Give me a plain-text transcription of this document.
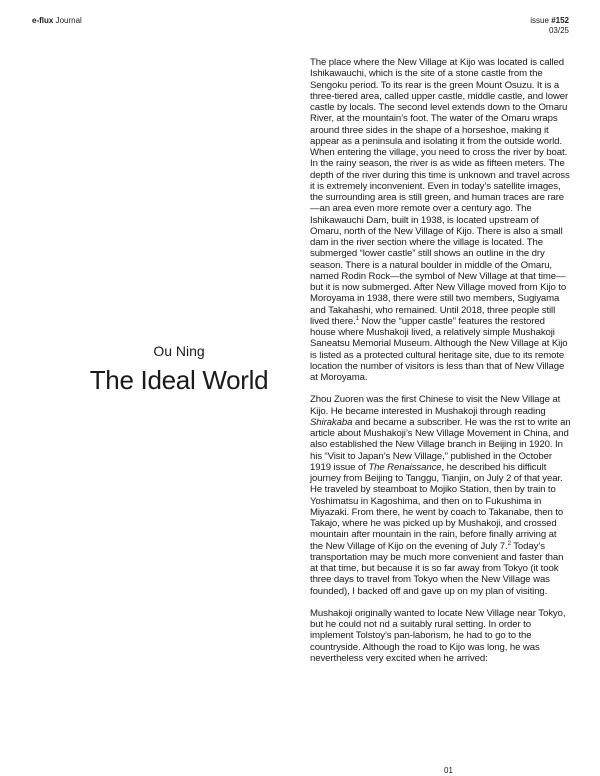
e-flux Journal	issue #152
03/25
Ou Ning
The Ideal World

The place where the New Village at Kijo was located is called Ishikawauchi, which is the site of a stone castle from the Sengoku period. To its rear is the green Mount Osuzu. It is a three-tiered area, called upper castle, middle castle, and lower castle by locals. The second level extends down to the Omaru River, at the mountain’s foot. The water of the Omaru wraps around three sides in the shape of a horseshoe, making it appear as a peninsula and isolating it from the outside world. When entering the village, you need to cross the river by boat. In the rainy season, the river is as wide as fifteen meters. The depth of the river during this time is unknown and travel across it is extremely inconvenient. Even in today’s satellite images, the surrounding area is still green, and human traces are rare—an area even more remote over a century ago. The Ishikawauchi Dam, built in 1938, is located upstream of Omaru, north of the New Village of Kijo. There is also a small dam in the river section where the village is located. The submerged “lower castle” still shows an outline in the dry season. There is a natural boulder in middle of the Omaru, named Rodin Rock—the symbol of New Village at that time—but it is now submerged. After New Village moved from Kijo to Moroyama in 1938, there were still two members, Sugiyama and Takahashi, who remained. Until 2018, three people still lived there.$^1$ Now the “upper castle” features the restored house where Mushakoji lived, a relatively simple Mushakoji Saneatsu Memorial Museum. Although the New Village at Kijo is listed as a protected cultural heritage site, due to its remote location the number of visitors is less than that of New Village at Moroyama.

Zhou Zuoren was the first Chinese to visit the New Village at Kijo. He became interested in Mushakoji through reading Shirakaba and became a subscriber. He was the rst to write an article about Mushakoji’s New Village Movement in China, and also established the New Village branch in Beijing in 1920. In his “Visit to Japan’s New Village,” published in the October 1919 issue of The Renaissance, he described his difficult journey from Beijing to Tanggu, Tianjin, on July 2 of that year. He traveled by steamboat to Mojiko Station, then by train to Yoshimatsu in Kagoshima, and then on to Fukushima in Miyazaki. From there, he went by coach to Takanabe, then to Takajo, where he was picked up by Mushakoji, and crossed mountain after mountain in the rain, before finally arriving at the New Village of Kijo on the evening of July 7.$^2$ Today’s transportation may be much more convenient and faster than at that time, but because it is so far away from Tokyo (it took three days to travel from Tokyo when the New Village was founded), I backed off and gave up on my plan of visiting.

Mushakoji originally wanted to locate New Village near Tokyo, but he could not nd a suitably rural setting. In order to implement Tolstoy’s pan-laborism, he had to go to the countryside. Although the road to Kijo was long, he was nevertheless very excited when he arrived:

01
